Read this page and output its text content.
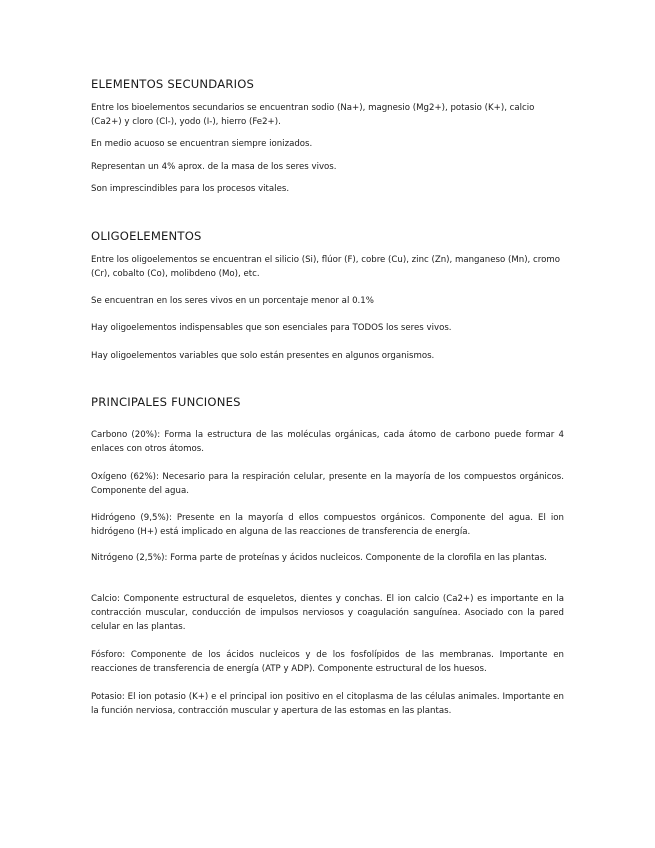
ELEMENTOS SECUNDARIOS

Entre los bioelementos secundarios se encuentran sodio (Na+), magnesio (Mg2+), potasio (K+), calcio (Ca2+) y cloro (Cl-), yodo (I-), hierro (Fe2+).

En medio acuoso se encuentran siempre ionizados.

Representan un 4% aprox. de la masa de los seres vivos.

Son imprescindibles para los procesos vitales.

OLIGOELEMENTOS

Entre los oligoelementos se encuentran el silicio (Si), flúor (F), cobre (Cu), zinc (Zn), manganeso (Mn), cromo (Cr), cobalto (Co), molibdeno (Mo), etc.

Se encuentran en los seres vivos en un porcentaje menor al 0.1%

Hay oligoelementos indispensables que son esenciales para TODOS los seres vivos.

Hay oligoelementos variables que solo están presentes en algunos organismos.

PRINCIPALES FUNCIONES

Carbono (20%): Forma la estructura de las moléculas orgánicas, cada átomo de carbono puede formar 4 enlaces con otros átomos.

Oxígeno (62%): Necesario para la respiración celular, presente en la mayoría de los compuestos orgánicos. Componente del agua.

Hidrógeno (9,5%): Presente en la mayoría d ellos compuestos orgánicos. Componente del agua. El ion hidrógeno (H+) está implicado en alguna de las reacciones de transferencia de energía.

Nitrógeno (2,5%): Forma parte de proteínas y ácidos nucleicos. Componente de la clorofila en las plantas.

Calcio: Componente estructural de esqueletos, dientes y conchas. El ion calcio (Ca2+) es importante en la contracción muscular, conducción de impulsos nerviosos y coagulación sanguínea. Asociado con la pared celular en las plantas.

Fósforo: Componente de los ácidos nucleicos y de los fosfolípidos de las membranas. Importante en reacciones de transferencia de energía (ATP y ADP). Componente estructural de los huesos.

Potasio: El ion potasio (K+) e el principal ion positivo en el citoplasma de las células animales. Importante en la función nerviosa, contracción muscular y apertura de las estomas en las plantas.
